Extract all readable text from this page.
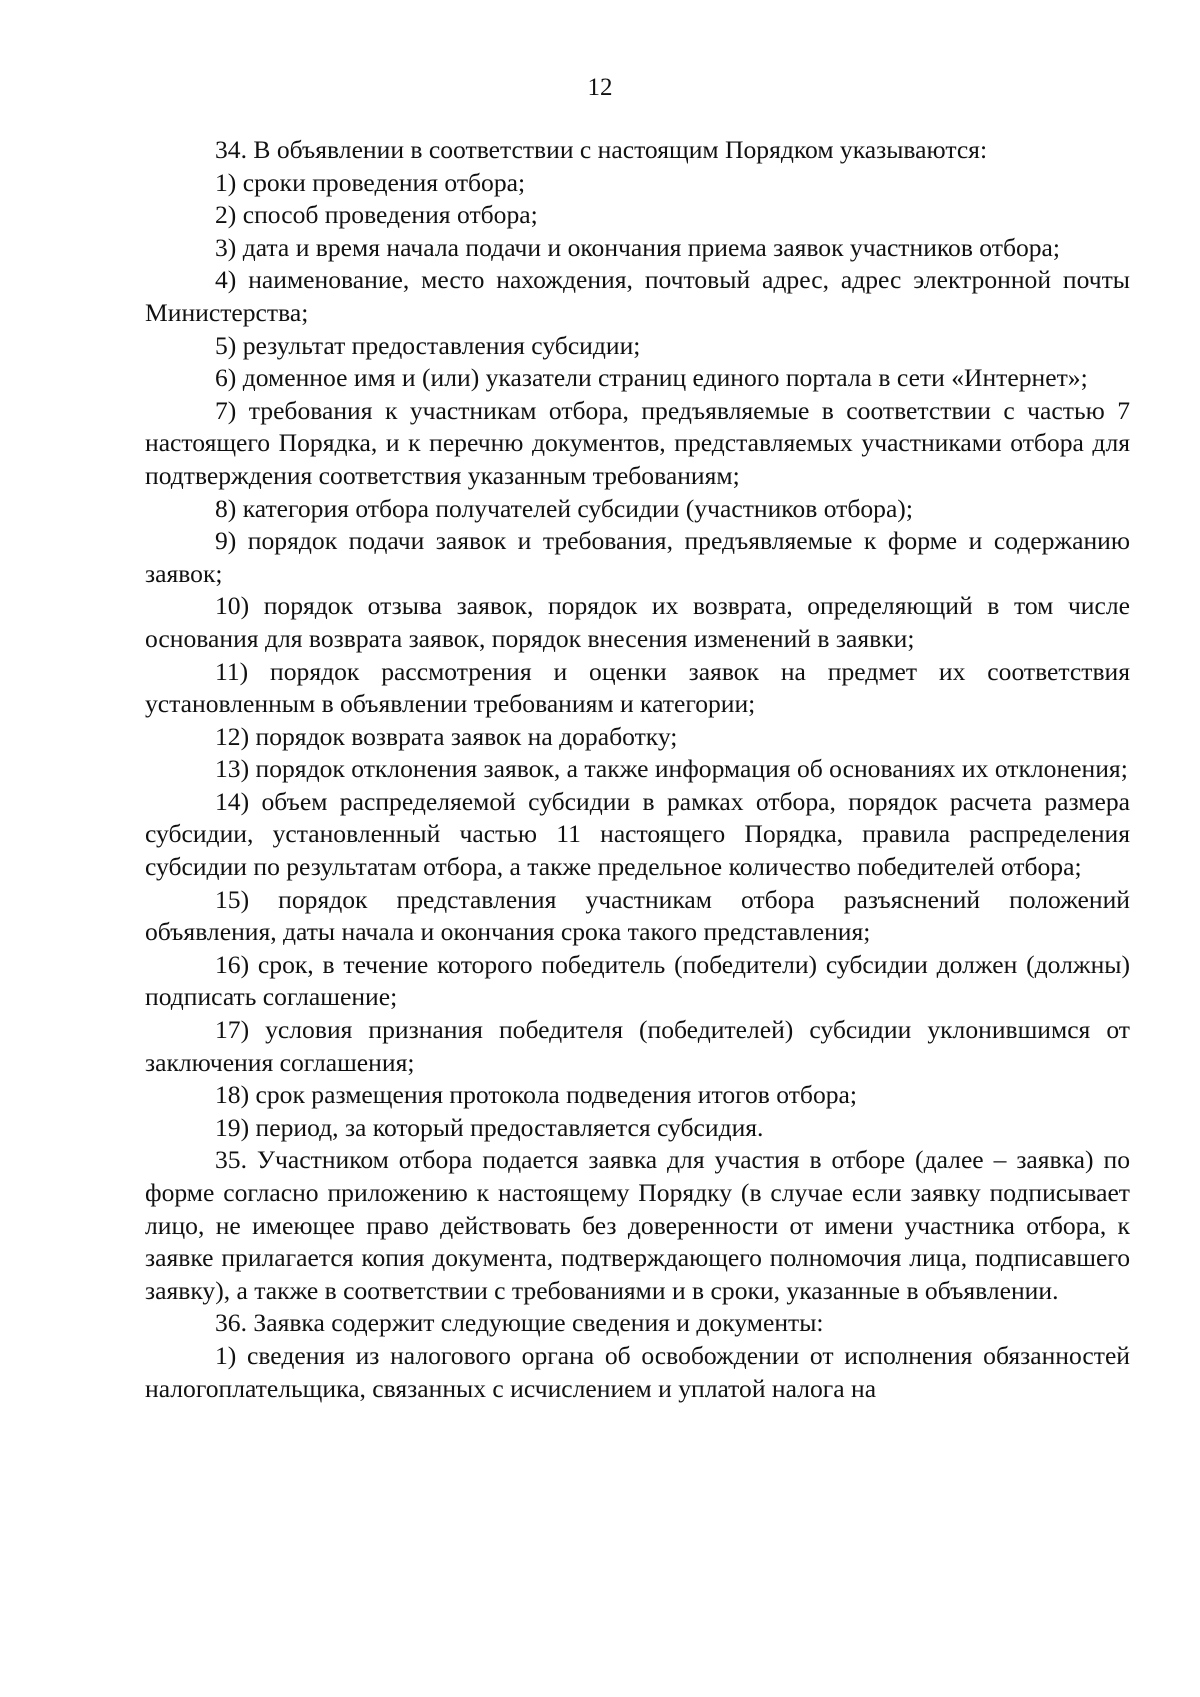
12

34. В объявлении в соответствии с настоящим Порядком указываются:

1) сроки проведения отбора;

2) способ проведения отбора;

3) дата и время начала подачи и окончания приема заявок участников отбора;

4) наименование, место нахождения, почтовый адрес, адрес электронной почты Министерства;

5) результат предоставления субсидии;

6) доменное имя и (или) указатели страниц единого портала в сети «Интернет»;

7) требования к участникам отбора, предъявляемые в соответствии с частью 7 настоящего Порядка, и к перечню документов, представляемых участниками отбора для подтверждения соответствия указанным требованиям;

8) категория отбора получателей субсидии (участников отбора);

9) порядок подачи заявок и требования, предъявляемые к форме и содержанию заявок;

10) порядок отзыва заявок, порядок их возврата, определяющий в том числе основания для возврата заявок, порядок внесения изменений в заявки;

11) порядок рассмотрения и оценки заявок на предмет их соответствия установленным в объявлении требованиям и категории;

12) порядок возврата заявок на доработку;

13) порядок отклонения заявок, а также информация об основаниях их отклонения;

14) объем распределяемой субсидии в рамках отбора, порядок расчета размера субсидии, установленный частью 11 настоящего Порядка, правила распределения субсидии по результатам отбора, а также предельное количество победителей отбора;

15) порядок представления участникам отбора разъяснений положений объявления, даты начала и окончания срока такого представления;

16) срок, в течение которого победитель (победители) субсидии должен (должны) подписать соглашение;

17) условия признания победителя (победителей) субсидии уклонившимся от заключения соглашения;

18) срок размещения протокола подведения итогов отбора;

19) период, за который предоставляется субсидия.

35. Участником отбора подается заявка для участия в отборе (далее – заявка) по форме согласно приложению к настоящему Порядку (в случае если заявку подписывает лицо, не имеющее право действовать без доверенности от имени участника отбора, к заявке прилагается копия документа, подтверждающего полномочия лица, подписавшего заявку), а также в соответствии с требованиями и в сроки, указанные в объявлении.

36. Заявка содержит следующие сведения и документы:

1) сведения из налогового органа об освобождении от исполнения обязанностей налогоплательщика, связанных с исчислением и уплатой налога на
